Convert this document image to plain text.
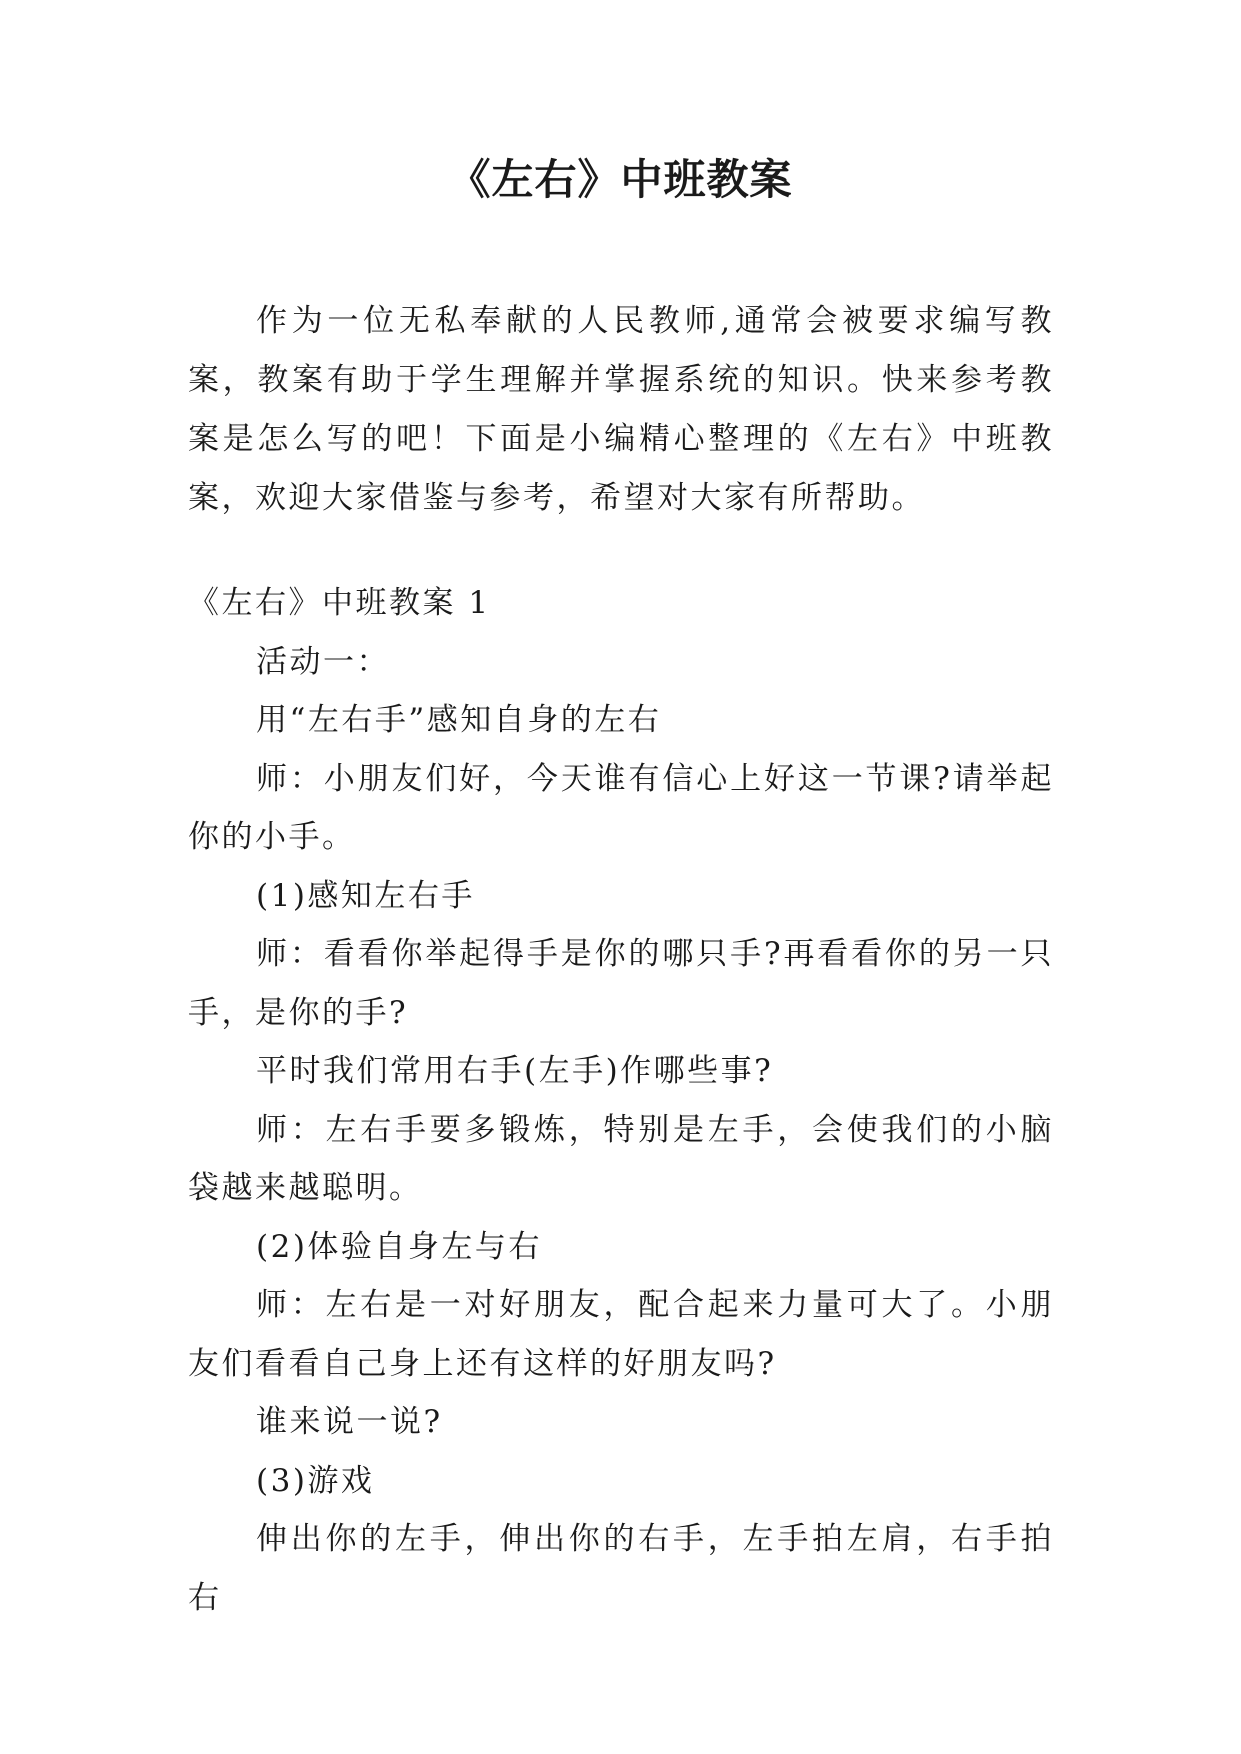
《左右》中班教案

作为一位无私奉献的人民教师,通常会被要求编写教案，教案有助于学生理解并掌握系统的知识。快来参考教案是怎么写的吧！下面是小编精心整理的《左右》中班教案，欢迎大家借鉴与参考，希望对大家有所帮助。

《左右》中班教案 1

活动一：

用“左右手”感知自身的左右

师：小朋友们好，今天谁有信心上好这一节课?请举起你的小手。

(1)感知左右手

师：看看你举起得手是你的哪只手?再看看你的另一只手，是你的手?

平时我们常用右手(左手)作哪些事?

师：左右手要多锻炼，特别是左手，会使我们的小脑袋越来越聪明。

(2)体验自身左与右

师：左右是一对好朋友，配合起来力量可大了。小朋友们看看自己身上还有这样的好朋友吗?

谁来说一说?

(3)游戏

伸出你的左手，伸出你的右手，左手拍左肩，右手拍右
